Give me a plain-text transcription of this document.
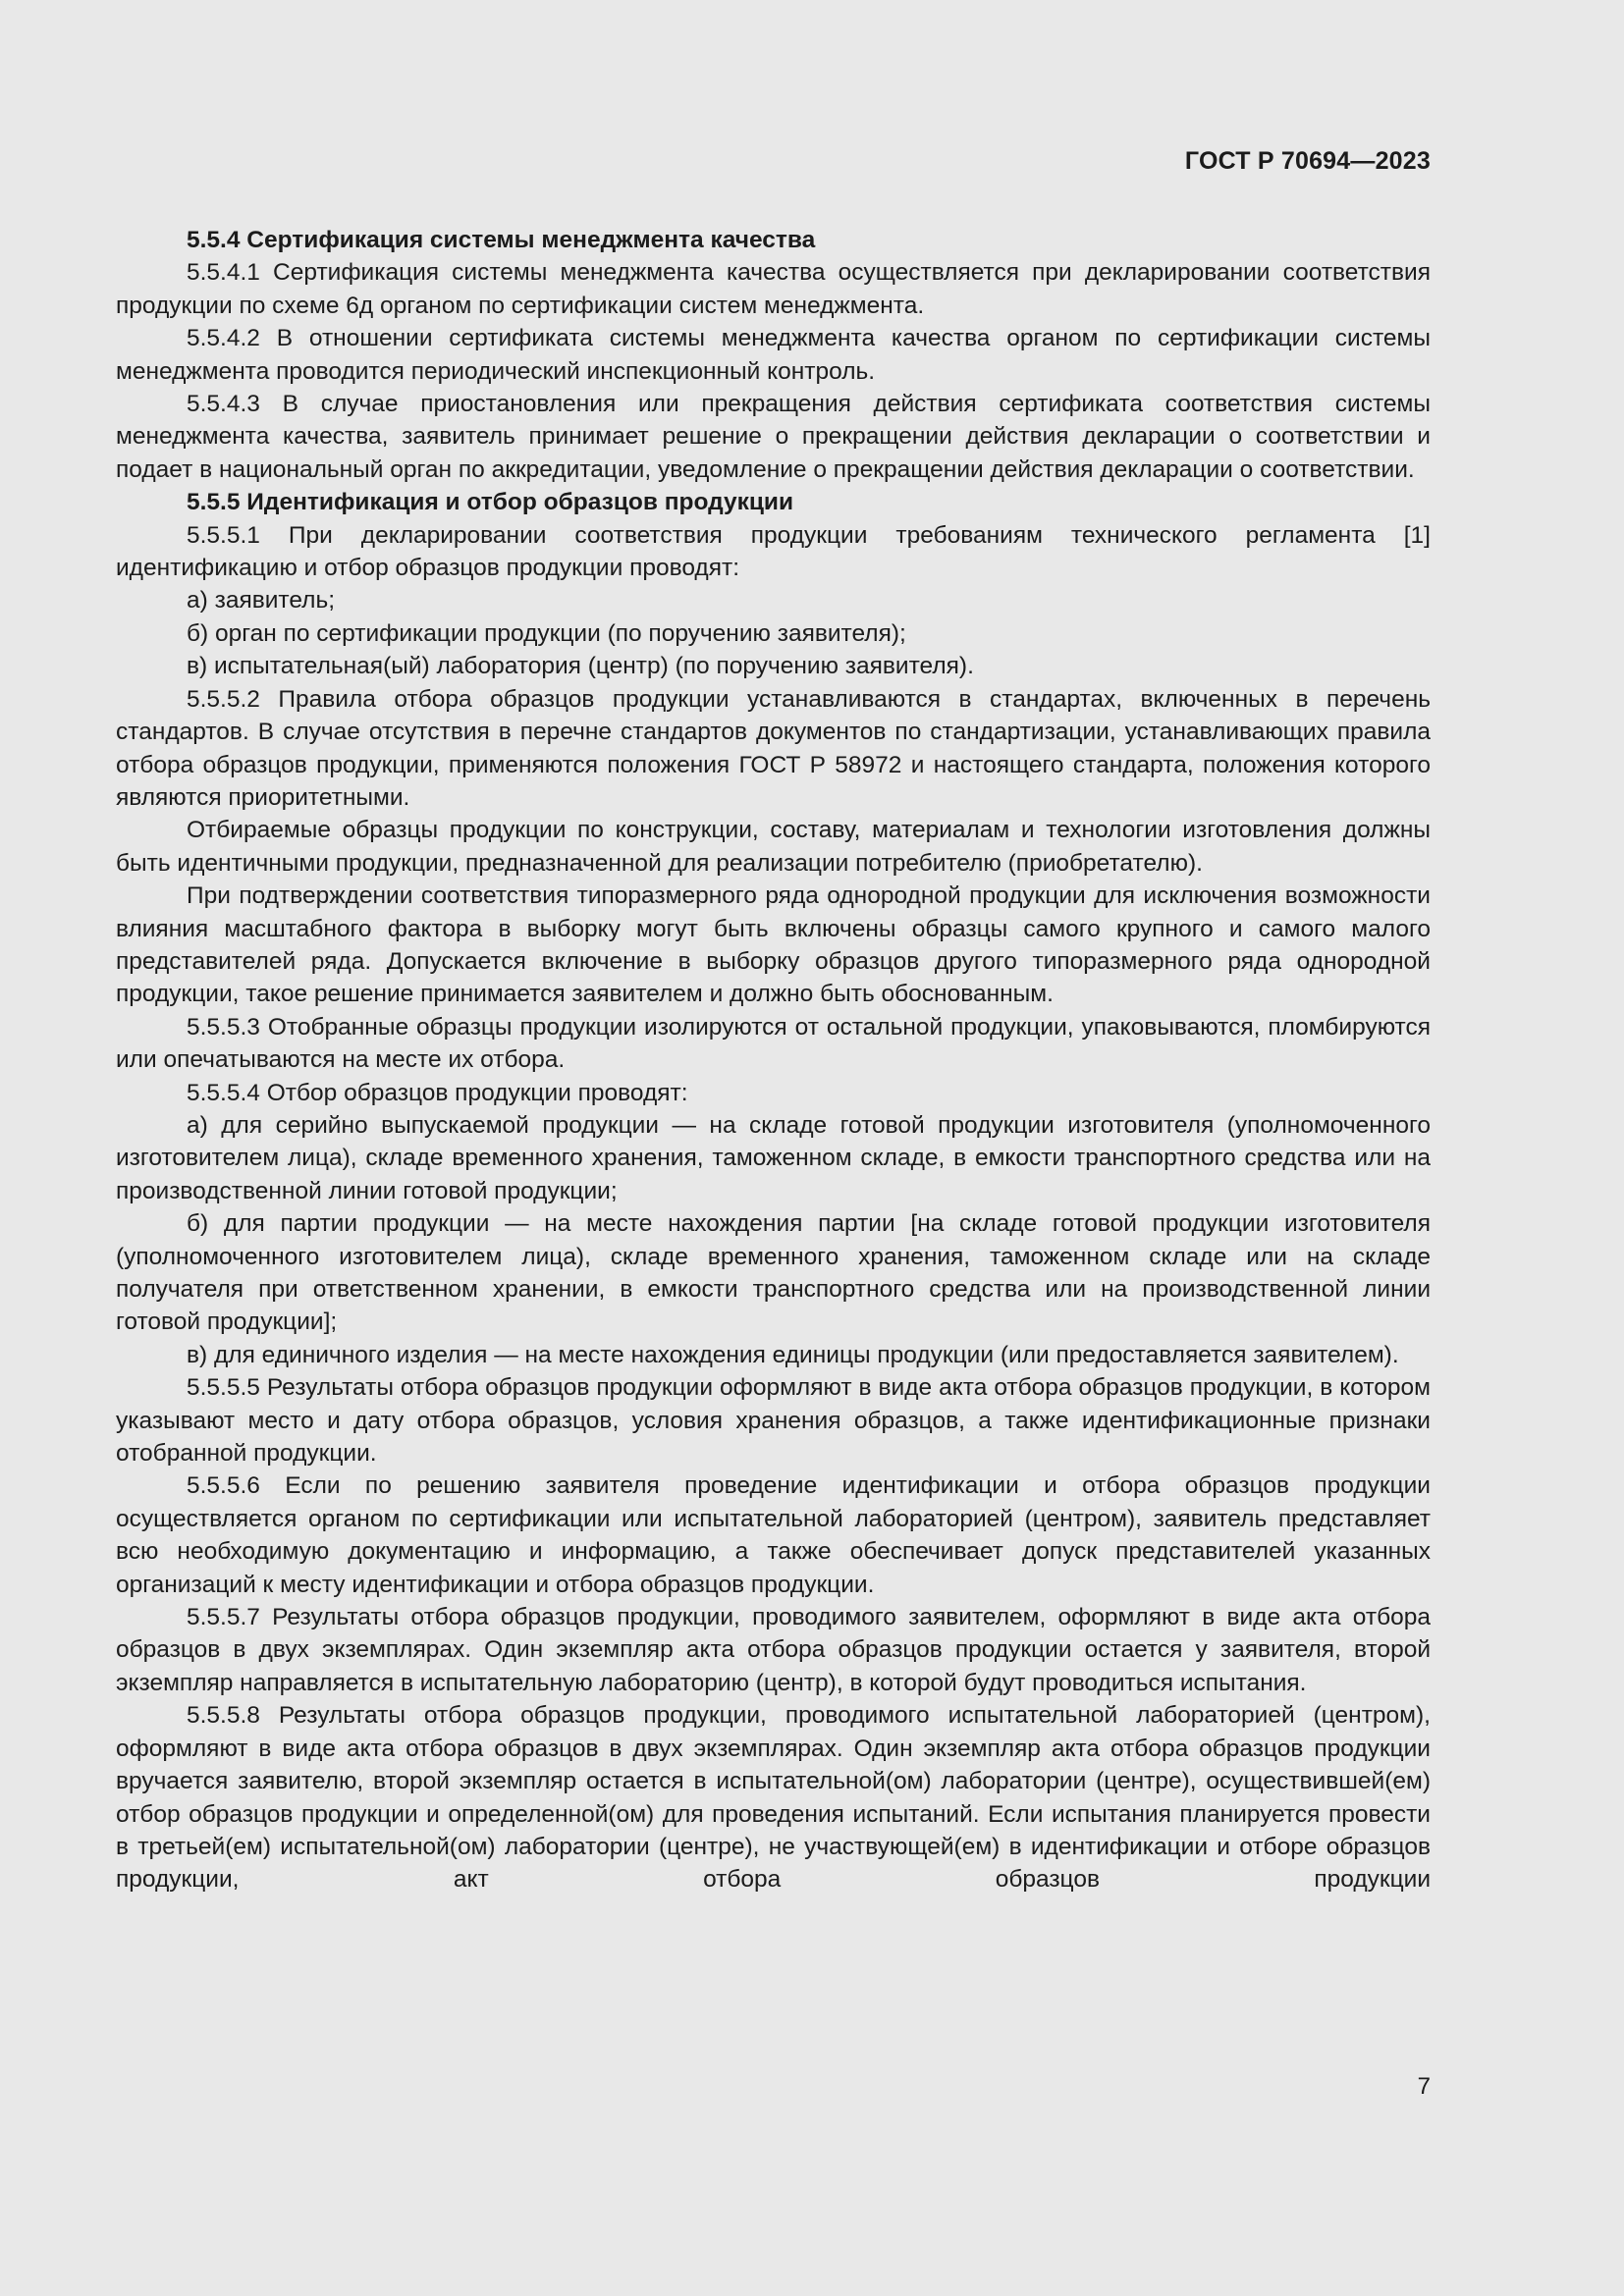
ГОСТ Р 70694—2023

5.5.4 Сертификация системы менеджмента качества

5.5.4.1 Сертификация системы менеджмента качества осуществляется при декларировании соответствия продукции по схеме 6д органом по сертификации систем менеджмента.

5.5.4.2 В отношении сертификата системы менеджмента качества органом по сертификации системы менеджмента проводится периодический инспекционный контроль.

5.5.4.3 В случае приостановления или прекращения действия сертификата соответствия системы менеджмента качества, заявитель принимает решение о прекращении действия декларации о соответствии и подает в национальный орган по аккредитации, уведомление о прекращении действия декларации о соответствии.

5.5.5 Идентификация и отбор образцов продукции

5.5.5.1 При декларировании соответствия продукции требованиям технического регламента [1] идентификацию и отбор образцов продукции проводят:

а) заявитель;

б) орган по сертификации продукции (по поручению заявителя);

в) испытательная(ый) лаборатория (центр) (по поручению заявителя).

5.5.5.2 Правила отбора образцов продукции устанавливаются в стандартах, включенных в перечень стандартов. В случае отсутствия в перечне стандартов документов по стандартизации, устанавливающих правила отбора образцов продукции, применяются положения ГОСТ Р 58972 и настоящего стандарта, положения которого являются приоритетными.

Отбираемые образцы продукции по конструкции, составу, материалам и технологии изготовления должны быть идентичными продукции, предназначенной для реализации потребителю (приобретателю).

При подтверждении соответствия типоразмерного ряда однородной продукции для исключения возможности влияния масштабного фактора в выборку могут быть включены образцы самого крупного и самого малого представителей ряда. Допускается включение в выборку образцов другого типоразмерного ряда однородной продукции, такое решение принимается заявителем и должно быть обоснованным.

5.5.5.3 Отобранные образцы продукции изолируются от остальной продукции, упаковываются, пломбируются или опечатываются на месте их отбора.

5.5.5.4 Отбор образцов продукции проводят:

а) для серийно выпускаемой продукции — на складе готовой продукции изготовителя (уполномоченного изготовителем лица), складе временного хранения, таможенном складе, в емкости транспортного средства или на производственной линии готовой продукции;

б) для партии продукции — на месте нахождения партии [на складе готовой продукции изготовителя (уполномоченного изготовителем лица), складе временного хранения, таможенном складе или на складе получателя при ответственном хранении, в емкости транспортного средства или на производственной линии готовой продукции];

в) для единичного изделия — на месте нахождения единицы продукции (или предоставляется заявителем).

5.5.5.5 Результаты отбора образцов продукции оформляют в виде акта отбора образцов продукции, в котором указывают место и дату отбора образцов, условия хранения образцов, а также идентификационные признаки отобранной продукции.

5.5.5.6 Если по решению заявителя проведение идентификации и отбора образцов продукции осуществляется органом по сертификации или испытательной лабораторией (центром), заявитель представляет всю необходимую документацию и информацию, а также обеспечивает допуск представителей указанных организаций к месту идентификации и отбора образцов продукции.

5.5.5.7 Результаты отбора образцов продукции, проводимого заявителем, оформляют в виде акта отбора образцов в двух экземплярах. Один экземпляр акта отбора образцов продукции остается у заявителя, второй экземпляр направляется в испытательную лабораторию (центр), в которой будут проводиться испытания.

5.5.5.8 Результаты отбора образцов продукции, проводимого испытательной лабораторией (центром), оформляют в виде акта отбора образцов в двух экземплярах. Один экземпляр акта отбора образцов продукции вручается заявителю, второй экземпляр остается в испытательной(ом) лаборатории (центре), осуществившей(ем) отбор образцов продукции и определенной(ом) для проведения испытаний. Если испытания планируется провести в третьей(ем) испытательной(ом) лаборатории (центре), не участвующей(ем) в идентификации и отборе образцов продукции, акт отбора образцов продукции

7
